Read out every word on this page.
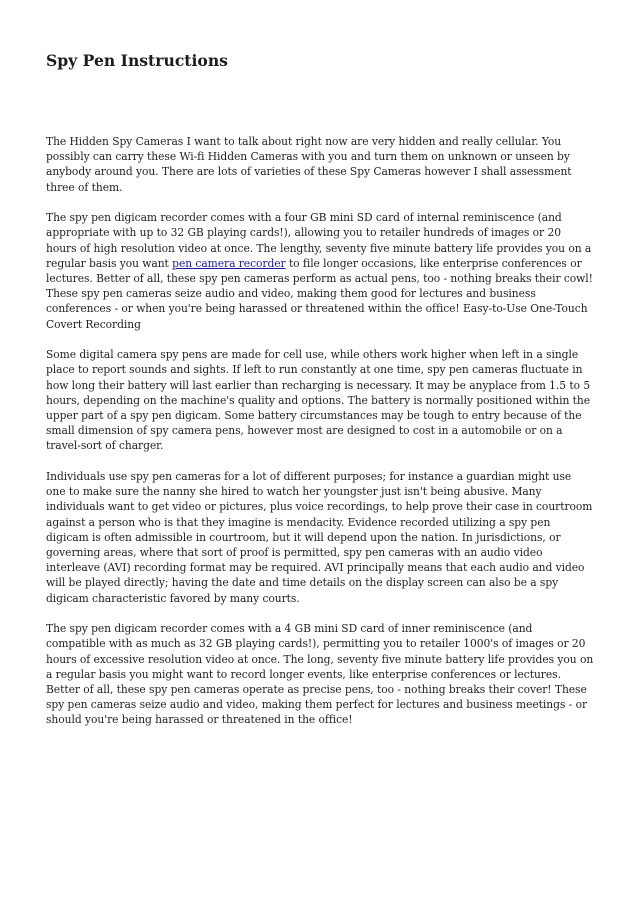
Spy Pen Instructions

The Hidden Spy Cameras I want to talk about right now are very hidden and really cellular. You possibly can carry these Wi-fi Hidden Cameras with you and turn them on unknown or unseen by anybody around you. There are lots of varieties of these Spy Cameras however I shall assessment three of them.

The spy pen digicam recorder comes with a four GB mini SD card of internal reminiscence (and appropriate with up to 32 GB playing cards!), allowing you to retailer hundreds of images or 20 hours of high resolution video at once. The lengthy, seventy five minute battery life provides you on a regular basis you want pen camera recorder to file longer occasions, like enterprise conferences or lectures. Better of all, these spy pen cameras perform as actual pens, too - nothing breaks their cowl! These spy pen cameras seize audio and video, making them good for lectures and business conferences - or when you're being harassed or threatened within the office! Easy-to-Use One-Touch Covert Recording

Some digital camera spy pens are made for cell use, while others work higher when left in a single place to report sounds and sights. If left to run constantly at one time, spy pen cameras fluctuate in how long their battery will last earlier than recharging is necessary. It may be anyplace from 1.5 to 5 hours, depending on the machine's quality and options. The battery is normally positioned within the upper part of a spy pen digicam. Some battery circumstances may be tough to entry because of the small dimension of spy camera pens, however most are designed to cost in a automobile or on a travel-sort of charger.

Individuals use spy pen cameras for a lot of different purposes; for instance a guardian might use one to make sure the nanny she hired to watch her youngster just isn't being abusive. Many individuals want to get video or pictures, plus voice recordings, to help prove their case in courtroom against a person who is that they imagine is mendacity. Evidence recorded utilizing a spy pen digicam is often admissible in courtroom, but it will depend upon the nation. In jurisdictions, or governing areas, where that sort of proof is permitted, spy pen cameras with an audio video interleave (AVI) recording format may be required. AVI principally means that each audio and video will be played directly; having the date and time details on the display screen can also be a spy digicam characteristic favored by many courts.

The spy pen digicam recorder comes with a 4 GB mini SD card of inner reminiscence (and compatible with as much as 32 GB playing cards!), permitting you to retailer 1000's of images or 20 hours of excessive resolution video at once. The long, seventy five minute battery life provides you on a regular basis you might want to record longer events, like enterprise conferences or lectures. Better of all, these spy pen cameras operate as precise pens, too - nothing breaks their cover! These spy pen cameras seize audio and video, making them perfect for lectures and business meetings - or should you're being harassed or threatened in the office!
